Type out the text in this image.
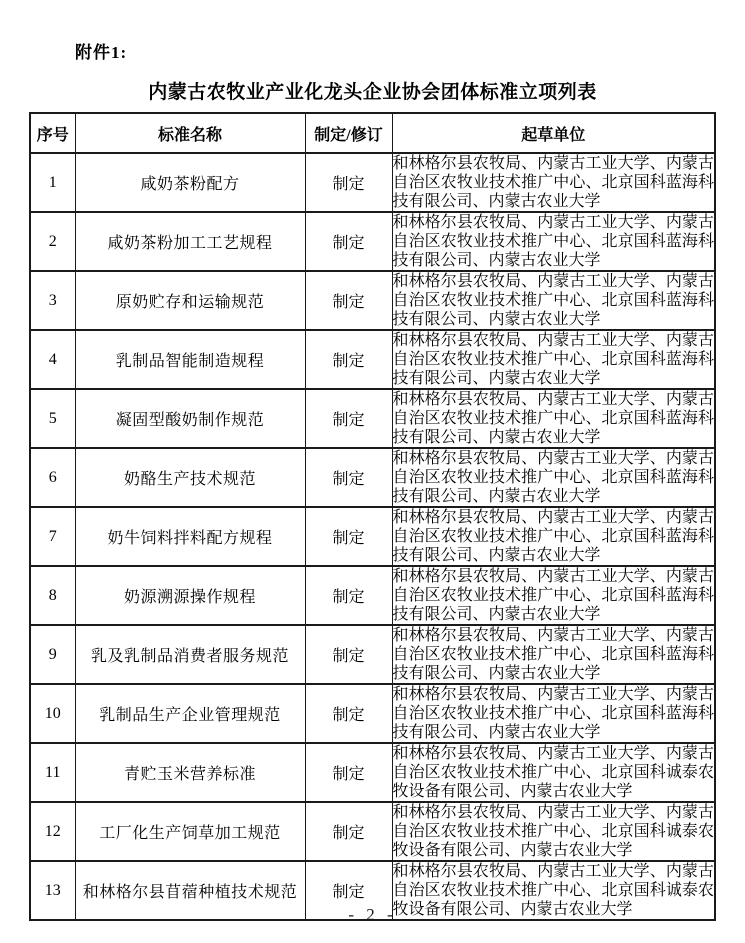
附件1:
内蒙古农牧业产业化龙头企业协会团体标准立项列表
序号	标准名称	制定/修订	起草单位
1	咸奶茶粉配方	制定	和林格尔县农牧局、内蒙古工业大学、内蒙古自治区农牧业技术推广中心、北京国科蓝海科技有限公司、内蒙古农业大学
2	咸奶茶粉加工工艺规程	制定	和林格尔县农牧局、内蒙古工业大学、内蒙古自治区农牧业技术推广中心、北京国科蓝海科技有限公司、内蒙古农业大学
3	原奶贮存和运输规范	制定	和林格尔县农牧局、内蒙古工业大学、内蒙古自治区农牧业技术推广中心、北京国科蓝海科技有限公司、内蒙古农业大学
4	乳制品智能制造规程	制定	和林格尔县农牧局、内蒙古工业大学、内蒙古自治区农牧业技术推广中心、北京国科蓝海科技有限公司、内蒙古农业大学
5	凝固型酸奶制作规范	制定	和林格尔县农牧局、内蒙古工业大学、内蒙古自治区农牧业技术推广中心、北京国科蓝海科技有限公司、内蒙古农业大学
6	奶酪生产技术规范	制定	和林格尔县农牧局、内蒙古工业大学、内蒙古自治区农牧业技术推广中心、北京国科蓝海科技有限公司、内蒙古农业大学
7	奶牛饲料拌料配方规程	制定	和林格尔县农牧局、内蒙古工业大学、内蒙古自治区农牧业技术推广中心、北京国科蓝海科技有限公司、内蒙古农业大学
8	奶源溯源操作规程	制定	和林格尔县农牧局、内蒙古工业大学、内蒙古自治区农牧业技术推广中心、北京国科蓝海科技有限公司、内蒙古农业大学
9	乳及乳制品消费者服务规范	制定	和林格尔县农牧局、内蒙古工业大学、内蒙古自治区农牧业技术推广中心、北京国科蓝海科技有限公司、内蒙古农业大学
10	乳制品生产企业管理规范	制定	和林格尔县农牧局、内蒙古工业大学、内蒙古自治区农牧业技术推广中心、北京国科蓝海科技有限公司、内蒙古农业大学
11	青贮玉米营养标准	制定	和林格尔县农牧局、内蒙古工业大学、内蒙古自治区农牧业技术推广中心、北京国科诚泰农牧设备有限公司、内蒙古农业大学
12	工厂化生产饲草加工规范	制定	和林格尔县农牧局、内蒙古工业大学、内蒙古自治区农牧业技术推广中心、北京国科诚泰农牧设备有限公司、内蒙古农业大学
13	和林格尔县苜蓿种植技术规范	制定	和林格尔县农牧局、内蒙古工业大学、内蒙古自治区农牧业技术推广中心、北京国科诚泰农牧设备有限公司、内蒙古农业大学
- 2 -
